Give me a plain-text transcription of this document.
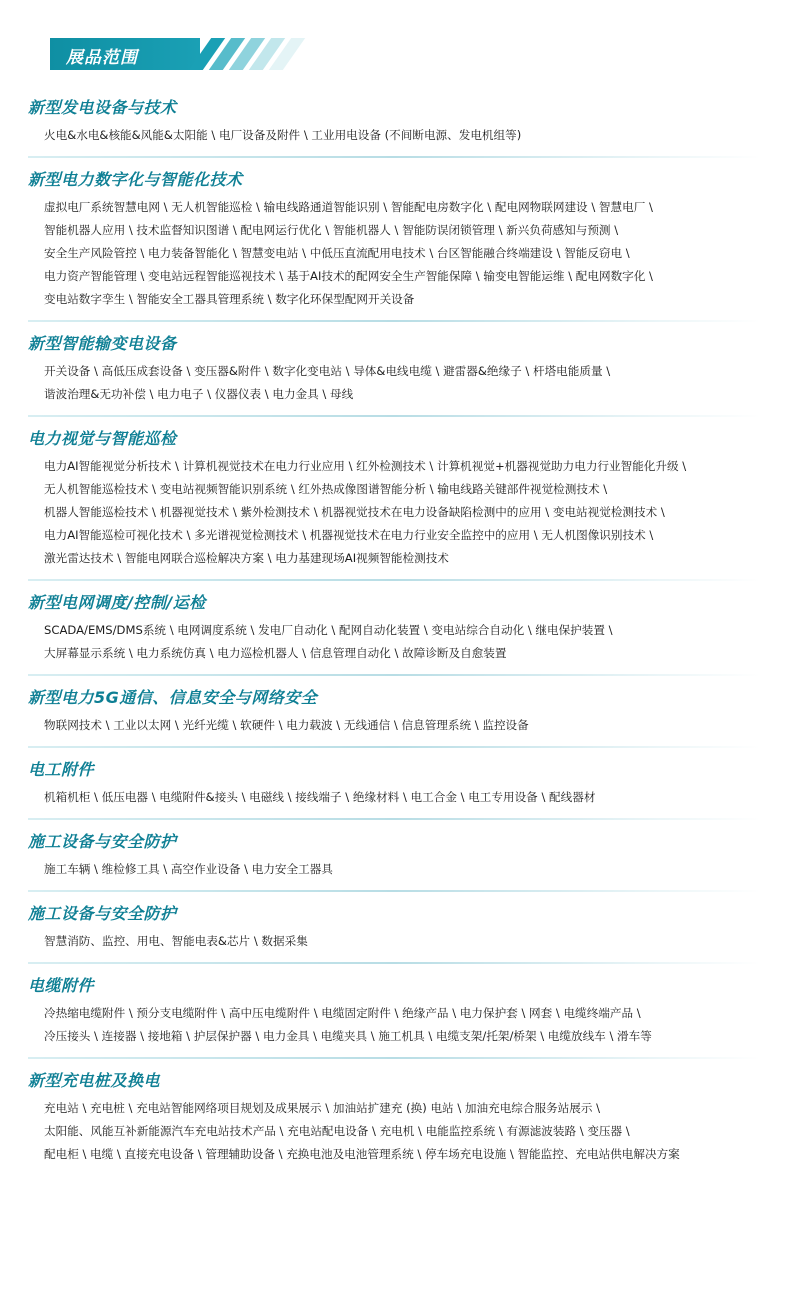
展品范围
新型发电设备与技术
火电&水电&核能&风能&太阳能 \ 电厂设备及附件 \ 工业用电设备 (不间断电源、发电机组等)
新型电力数字化与智能化技术
虚拟电厂系统智慧电网 \ 无人机智能巡检 \ 输电线路通道智能识别 \ 智能配电房数字化 \ 配电网物联网建设 \ 智慧电厂 \
智能机器人应用 \ 技术监督知识图谱 \ 配电网运行优化 \ 智能机器人 \ 智能防误闭锁管理 \ 新兴负荷感知与预测 \
安全生产风险管控 \ 电力装备智能化 \ 智慧变电站 \ 中低压直流配用电技术 \ 台区智能融合终端建设 \ 智能反窃电 \
电力资产智能管理 \ 变电站远程智能巡视技术 \ 基于AI技术的配网安全生产智能保障 \ 输变电智能运维 \ 配电网数字化 \
变电站数字孪生 \ 智能安全工器具管理系统 \ 数字化环保型配网开关设备
新型智能输变电设备
开关设备 \ 高低压成套设备 \ 变压器&附件 \ 数字化变电站 \ 导体&电线电缆 \ 避雷器&绝缘子 \ 杆塔电能质量 \
谐波治理&无功补偿 \ 电力电子 \ 仪器仪表 \ 电力金具 \ 母线
电力视觉与智能巡检
电力AI智能视觉分析技术 \ 计算机视觉技术在电力行业应用 \ 红外检测技术 \ 计算机视觉+机器视觉助力电力行业智能化升级 \
无人机智能巡检技术 \ 变电站视频智能识别系统 \ 红外热成像图谱智能分析 \ 输电线路关键部件视觉检测技术 \
机器人智能巡检技术 \ 机器视觉技术 \ 紫外检测技术 \ 机器视觉技术在电力设备缺陷检测中的应用 \ 变电站视觉检测技术 \
电力AI智能巡检可视化技术 \ 多光谱视觉检测技术 \ 机器视觉技术在电力行业安全监控中的应用 \ 无人机图像识别技术 \
激光雷达技术 \ 智能电网联合巡检解决方案 \ 电力基建现场AI视频智能检测技术
新型电网调度/控制/运检
SCADA/EMS/DMS系统 \ 电网调度系统 \ 发电厂自动化 \ 配网自动化装置 \ 变电站综合自动化 \ 继电保护装置 \
大屏幕显示系统 \ 电力系统仿真 \ 电力巡检机器人 \ 信息管理自动化 \ 故障诊断及自愈装置
新型电力5G通信、信息安全与网络安全
物联网技术 \ 工业以太网 \ 光纤光缆 \ 软硬件 \ 电力载波 \ 无线通信 \ 信息管理系统 \ 监控设备
电工附件
机箱机柜 \ 低压电器 \ 电缆附件&接头 \ 电磁线 \ 接线端子 \ 绝缘材料 \ 电工合金 \ 电工专用设备 \ 配线器材
施工设备与安全防护
施工车辆 \ 维检修工具 \ 高空作业设备 \ 电力安全工器具
施工设备与安全防护
智慧消防、监控、用电、智能电表&芯片 \ 数据采集
电缆附件
冷热缩电缆附件 \ 预分支电缆附件 \ 高中压电缆附件 \ 电缆固定附件 \ 绝缘产品 \ 电力保护套 \ 网套 \ 电缆终端产品 \
冷压接头 \ 连接器 \ 接地箱 \ 护层保护器 \ 电力金具 \ 电缆夹具 \ 施工机具 \ 电缆支架/托架/桥架 \ 电缆放线车 \ 滑车等
新型充电桩及换电
充电站 \ 充电桩 \ 充电站智能网络项目规划及成果展示 \ 加油站扩建充 (换) 电站 \ 加油充电综合服务站展示 \
太阳能、风能互补新能源汽车充电站技术产品 \ 充电站配电设备 \ 充电机 \ 电能监控系统 \ 有源滤波装路 \ 变压器 \
配电柜 \ 电缆 \ 直接充电设备 \ 管理辅助设备 \ 充换电池及电池管理系统 \ 停车场充电设施 \ 智能监控、充电站供电解决方案
